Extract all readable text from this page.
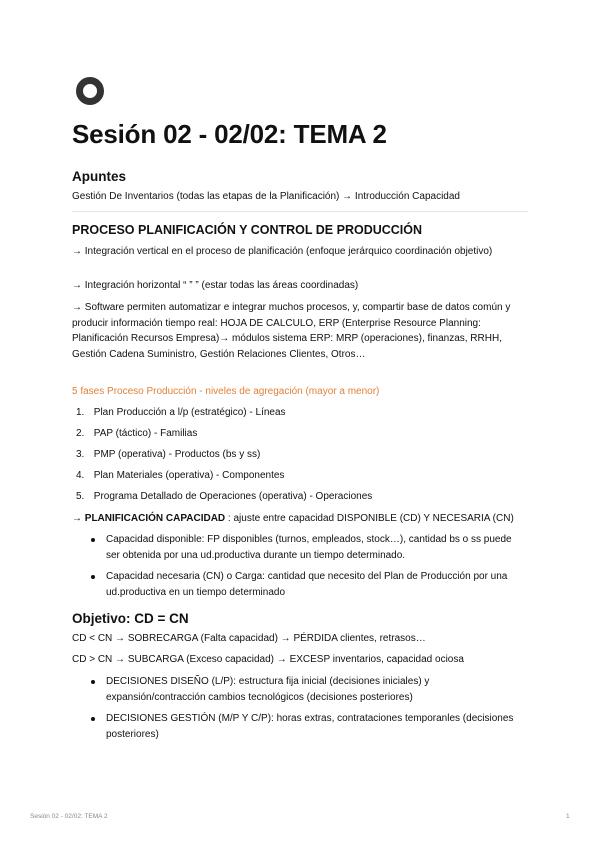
Sesión 02 - 02/02: TEMA 2
Apuntes
Gestión De Inventarios (todas las etapas de la Planificación) → Introducción Capacidad
PROCESO PLANIFICACIÓN Y CONTROL DE PRODUCCIÓN

→ Integración vertical en el proceso de planificación (enfoque jerárquico coordinación objetivo)

→ Integración horizontal “ ” ” (estar todas las áreas coordinadas)

→ Software permiten automatizar e integrar muchos procesos, y, compartir base de datos común y producir información tiempo real: HOJA DE CALCULO, ERP (Enterprise Resource Planning: Planificación Recursos Empresa)→ módulos sistema ERP: MRP (operaciones), finanzas, RRHH, Gestión Cadena Suministro, Gestión Relaciones Clientes, Otros…

5 fases Proceso Producción - niveles de agregación (mayor a menor)
1. Plan Producción a l/p (estratégico) - Líneas
2. PAP (táctico) - Familias
3. PMP (operativa) - Productos (bs y ss)
4. Plan Materiales (operativa) - Componentes
5. Programa Detallado de Operaciones (operativa) - Operaciones
→ PLANIFICACIÓN CAPACIDAD : ajuste entre capacidad DISPONIBLE (CD) Y NECESARIA (CN)
Capacidad disponible: FP disponibles (turnos, empleados, stock…), cantidad bs o ss puede ser obtenida por una ud.productiva durante un tiempo determinado.
Capacidad necesaria (CN) o Carga: cantidad que necesito del Plan de Producción por una ud.productiva en un tiempo determinado
Objetivo: CD = CN
CD < CN → SOBRECARGA (Falta capacidad) → PÉRDIDA clientes, retrasos…
CD > CN → SUBCARGA (Exceso capacidad) → EXCESP inventarios, capacidad ociosa
DECISIONES DISEÑO (L/P): estructura fija inicial (decisiones iniciales) y expansión/contracción cambios tecnológicos (decisiones posteriores)
DECISIONES GESTIÓN (M/P Y C/P): horas extras, contrataciones temporanles (decisiones posteriores)
Sesión 02 - 02/02: TEMA 2	1
